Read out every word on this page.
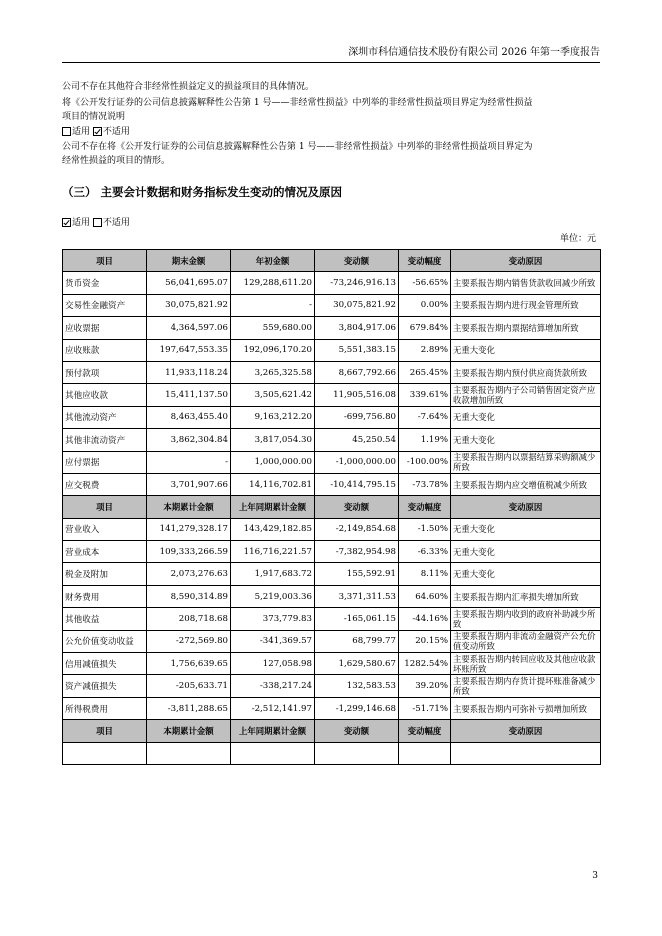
深圳市科信通信技术股份有限公司 2026 年第一季度报告
公司不存在其他符合非经常性损益定义的损益项目的具体情况。
将《公开发行证券的公司信息披露解释性公告第 1 号——非经常性损益》中列举的非经常性损益项目界定为经常性损益
项目的情况说明
适用 不适用
公司不存在将《公开发行证券的公司信息披露解释性公告第 1 号——非经常性损益》中列举的非经常性损益项目界定为
经常性损益的项目的情形。
（三） 主要会计数据和财务指标发生变动的情况及原因
适用 不适用
单位：元
项目	期末金额	年初金额	变动额	变动幅度	变动原因
货币资金	56,041,695.07	129,288,611.20	-73,246,916.13	-56.65%	主要系报告期内销售货款收回减少所致
交易性金融资产	30,075,821.92	-	30,075,821.92	0.00%	主要系报告期内进行现金管理所致
应收票据	4,364,597.06	559,680.00	3,804,917.06	679.84%	主要系报告期内票据结算增加所致
应收账款	197,647,553.35	192,096,170.20	5,551,383.15	2.89%	无重大变化
预付款项	11,933,118.24	3,265,325.58	8,667,792.66	265.45%	主要系报告期内预付供应商货款所致
其他应收款	15,411,137.50	3,505,621.42	11,905,516.08	339.61%	主要系报告期内子公司销售固定资产应收款增加所致
其他流动资产	8,463,455.40	9,163,212.20	-699,756.80	-7.64%	无重大变化
其他非流动资产	3,862,304.84	3,817,054.30	45,250.54	1.19%	无重大变化
应付票据	-	1,000,000.00	-1,000,000.00	-100.00%	主要系报告期内以票据结算采购额减少所致
应交税费	3,701,907.66	14,116,702.81	-10,414,795.15	-73.78%	主要系报告期内应交增值税减少所致
项目	本期累计金额	上年同期累计金额	变动额	变动幅度	变动原因
营业收入	141,279,328.17	143,429,182.85	-2,149,854.68	-1.50%	无重大变化
营业成本	109,333,266.59	116,716,221.57	-7,382,954.98	-6.33%	无重大变化
税金及附加	2,073,276.63	1,917,683.72	155,592.91	8.11%	无重大变化
财务费用	8,590,314.89	5,219,003.36	3,371,311.53	64.60%	主要系报告期内汇率损失增加所致
其他收益	208,718.68	373,779.83	-165,061.15	-44.16%	主要系报告期内收到的政府补助减少所致
公允价值变动收益	-272,569.80	-341,369.57	68,799.77	20.15%	主要系报告期内非流动金融资产公允价值变动所致
信用减值损失	1,756,639.65	127,058.98	1,629,580.67	1282.54%	主要系报告期内转回应收及其他应收款坏账所致
资产减值损失	-205,633.71	-338,217.24	132,583.53	39.20%	主要系报告期内存货计提坏账准备减少所致
所得税费用	-3,811,288.65	-2,512,141.97	-1,299,146.68	-51.71%	主要系报告期内可弥补亏损增加所致
项目	本期累计金额	上年同期累计金额	变动额	变动幅度	变动原因

3
